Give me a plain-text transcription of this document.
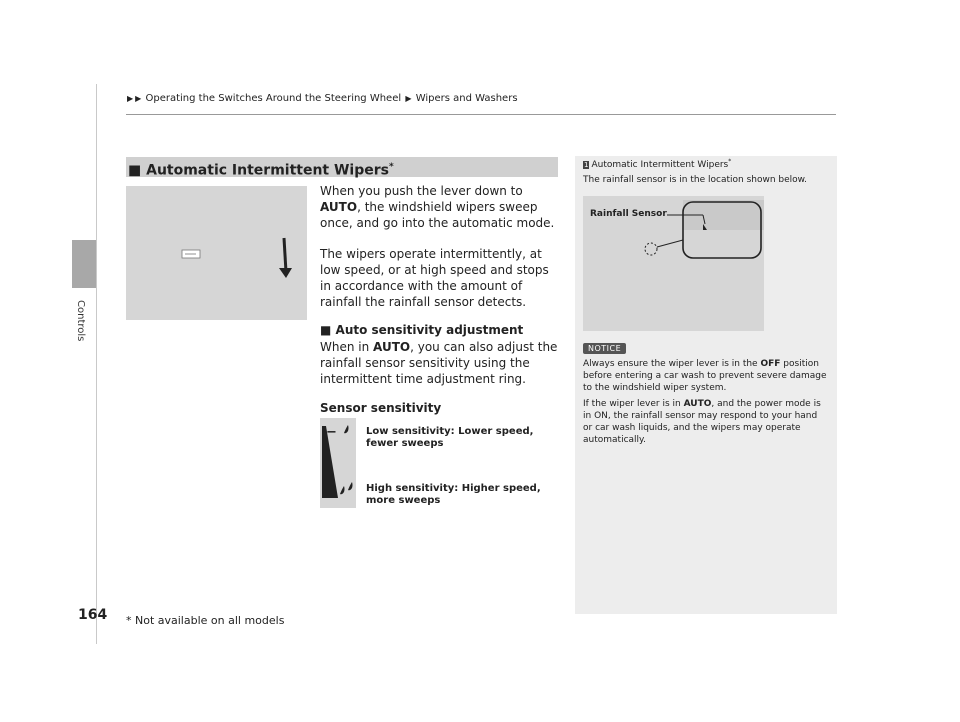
Controls
164 * Not available on all models
▶ ▶ Operating the Switches Around the Steering Wheel ▶ Wipers and Washers
■ Automatic Intermittent Wipers*
When you push the lever down to AUTO, the windshield wipers sweep once, and go into the automatic mode.
The wipers operate intermittently, at low speed, or at high speed and stops in accordance with the amount of rainfall the rainfall sensor detects.
■ Auto sensitivity adjustment
When in AUTO, you can also adjust the rainfall sensor sensitivity using the intermittent time adjustment ring.
Sensor sensitivity
−
+
Low sensitivity: Lower speed,
fewer sweeps
High sensitivity: Higher speed,
more sweeps
1 Automatic Intermittent Wipers*
The rainfall sensor is in the location shown below.
Rainfall Sensor
NOTICE
Always ensure the wiper lever is in the OFF position before entering a car wash to prevent severe damage to the windshield wiper system.
If the wiper lever is in AUTO, and the power mode is in ON, the rainfall sensor may respond to your hand or car wash liquids, and the wipers may operate automatically.
